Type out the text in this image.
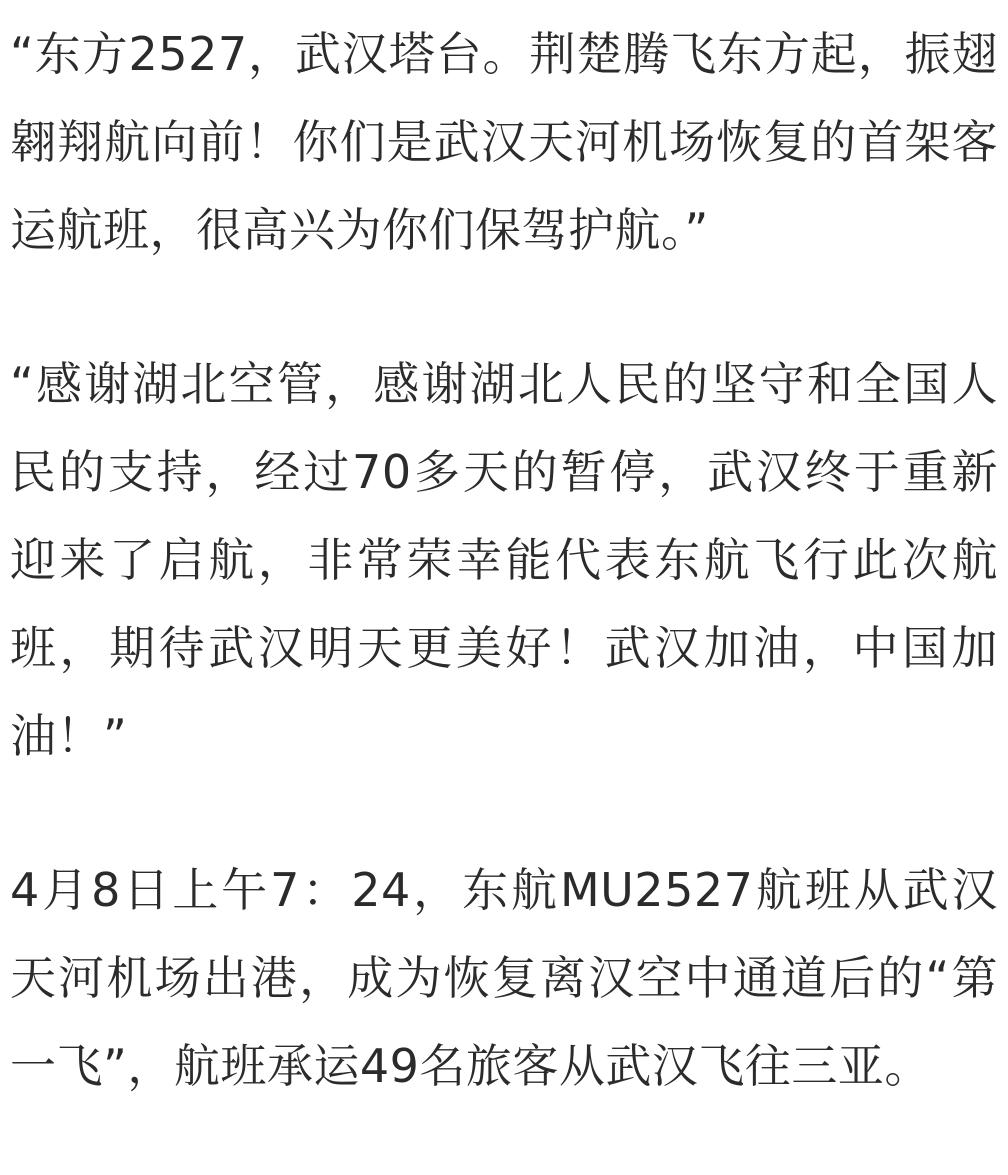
“东方2527，武汉塔台。荆楚腾飞东方起，振翅翱翔航向前！你们是武汉天河机场恢复的首架客运航班，很高兴为你们保驾护航。”

“感谢湖北空管，感谢湖北人民的坚守和全国人民的支持，经过70多天的暂停，武汉终于重新迎来了启航，非常荣幸能代表东航飞行此次航班，期待武汉明天更美好！武汉加油，中国加油！”

4月8日上午7：24，东航MU2527航班从武汉天河机场出港，成为恢复离汉空中通道后的“第一飞”，航班承运49名旅客从武汉飞往三亚。
